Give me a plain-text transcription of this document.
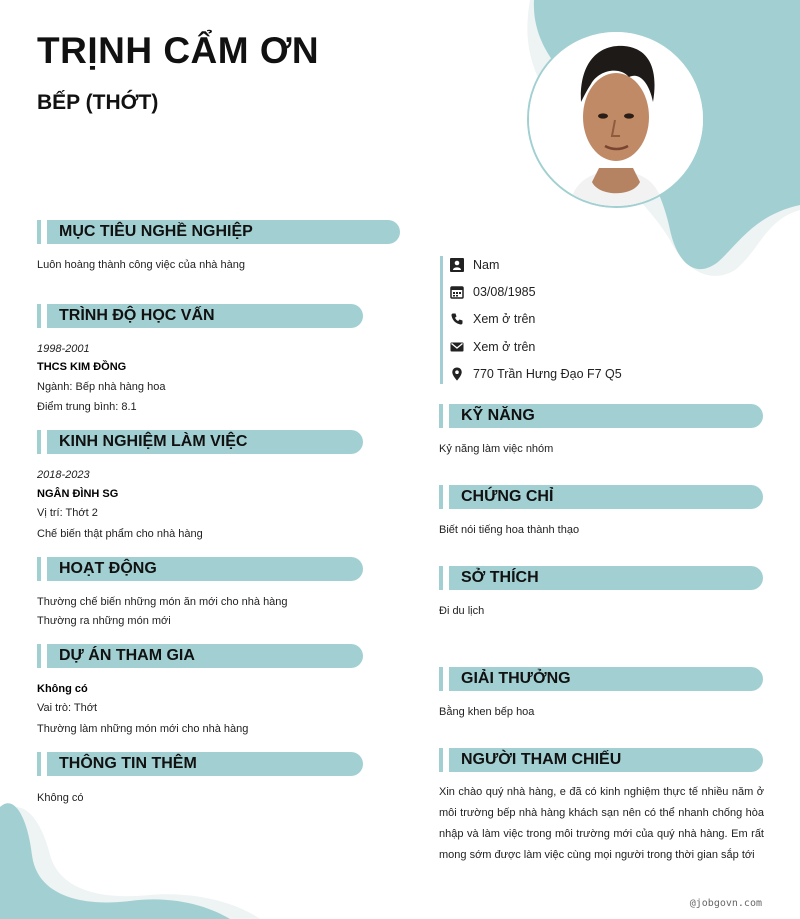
TRỊNH CẨM ƠN
BẾP (THỚT)
MỤC TIÊU NGHỀ NGHIỆP
Luôn hoàng thành công việc của nhà hàng
TRÌNH ĐỘ HỌC VẤN
1998-2001
THCS KIM ĐỒNG
Ngành: Bếp nhà hàng hoa
Điểm trung bình: 8.1
KINH NGHIỆM LÀM VIỆC
2018-2023
NGÂN ĐÌNH SG
Vị trí: Thớt 2
Chế biến thật phẩm cho nhà hàng
HOẠT ĐỘNG
Thường chế biến những món ăn mới cho nhà hàng
Thường ra những món mới
DỰ ÁN THAM GIA
Không có
Vai trò: Thớt
Thường làm những món mới cho nhà hàng
THÔNG TIN THÊM
Không có
Nam
03/08/1985
Xem ở trên
Xem ở trên
770 Trần Hưng Đạo F7 Q5
KỸ NĂNG
Kỷ năng làm việc nhóm
CHỨNG CHỈ
Biết nói tiếng hoa thành thạo
SỞ THÍCH
Đi du lịch
GIẢI THƯỞNG
Bằng khen bếp hoa
NGƯỜI THAM CHIẾU
Xin chào quý nhà hàng, e đã có kinh nghiệm thực tế nhiều năm ở môi trường bếp nhà hàng khách sạn nên có thể nhanh chống hòa nhập và làm việc trong môi trường mới của quý nhà hàng. Em rất mong sớm được làm việc cùng mọi người trong thời gian sắp tới
@jobgovn.com
